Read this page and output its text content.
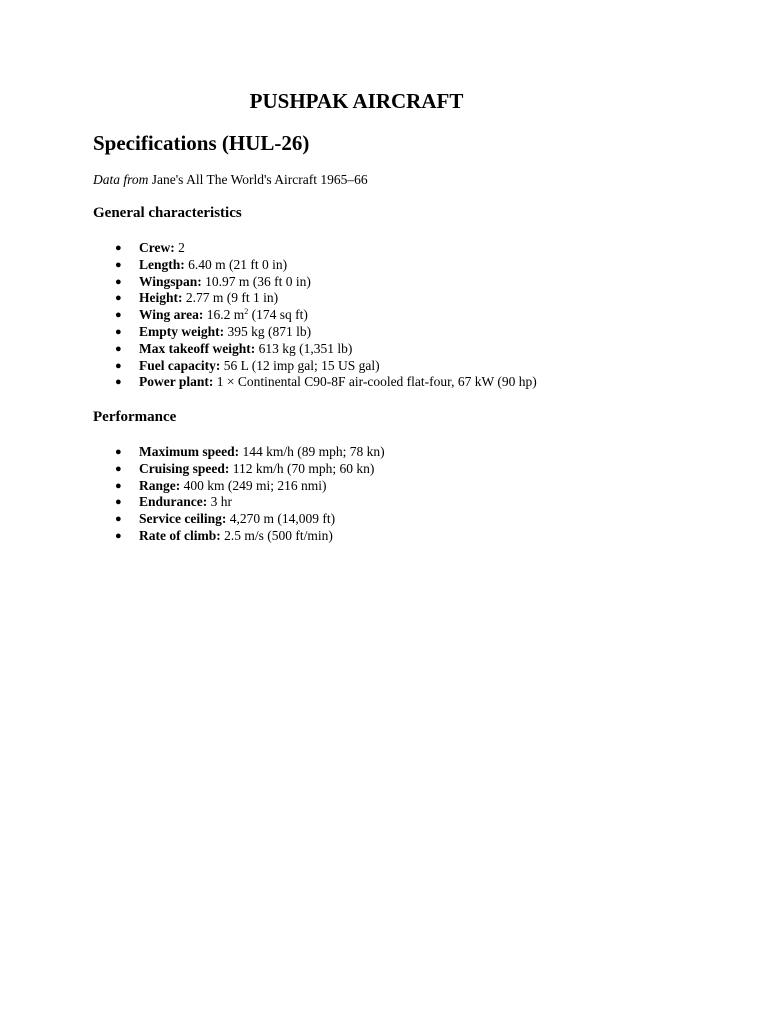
PUSHPAK AIRCRAFT
Specifications (HUL-26)

Data from Jane's All The World's Aircraft 1965–66

General characteristics
● Crew: 2
● Length: 6.40 m (21 ft 0 in)
● Wingspan: 10.97 m (36 ft 0 in)
● Height: 2.77 m (9 ft 1 in)
● Wing area: 16.2 $m^2$ (174 sq ft)
● Empty weight: 395 kg (871 lb)
● Max takeoff weight: 613 kg (1,351 lb)
● Fuel capacity: 56 L (12 imp gal; 15 US gal)
● Power plant: 1 × Continental C90-8F air-cooled flat-four, 67 kW (90 hp)
Performance
● Maximum speed: 144 km/h (89 mph; 78 kn)
● Cruising speed: 112 km/h (70 mph; 60 kn)
● Range: 400 km (249 mi; 216 nmi)
● Endurance: 3 hr
● Service ceiling: 4,270 m (14,009 ft)
● Rate of climb: 2.5 m/s (500 ft/min)
